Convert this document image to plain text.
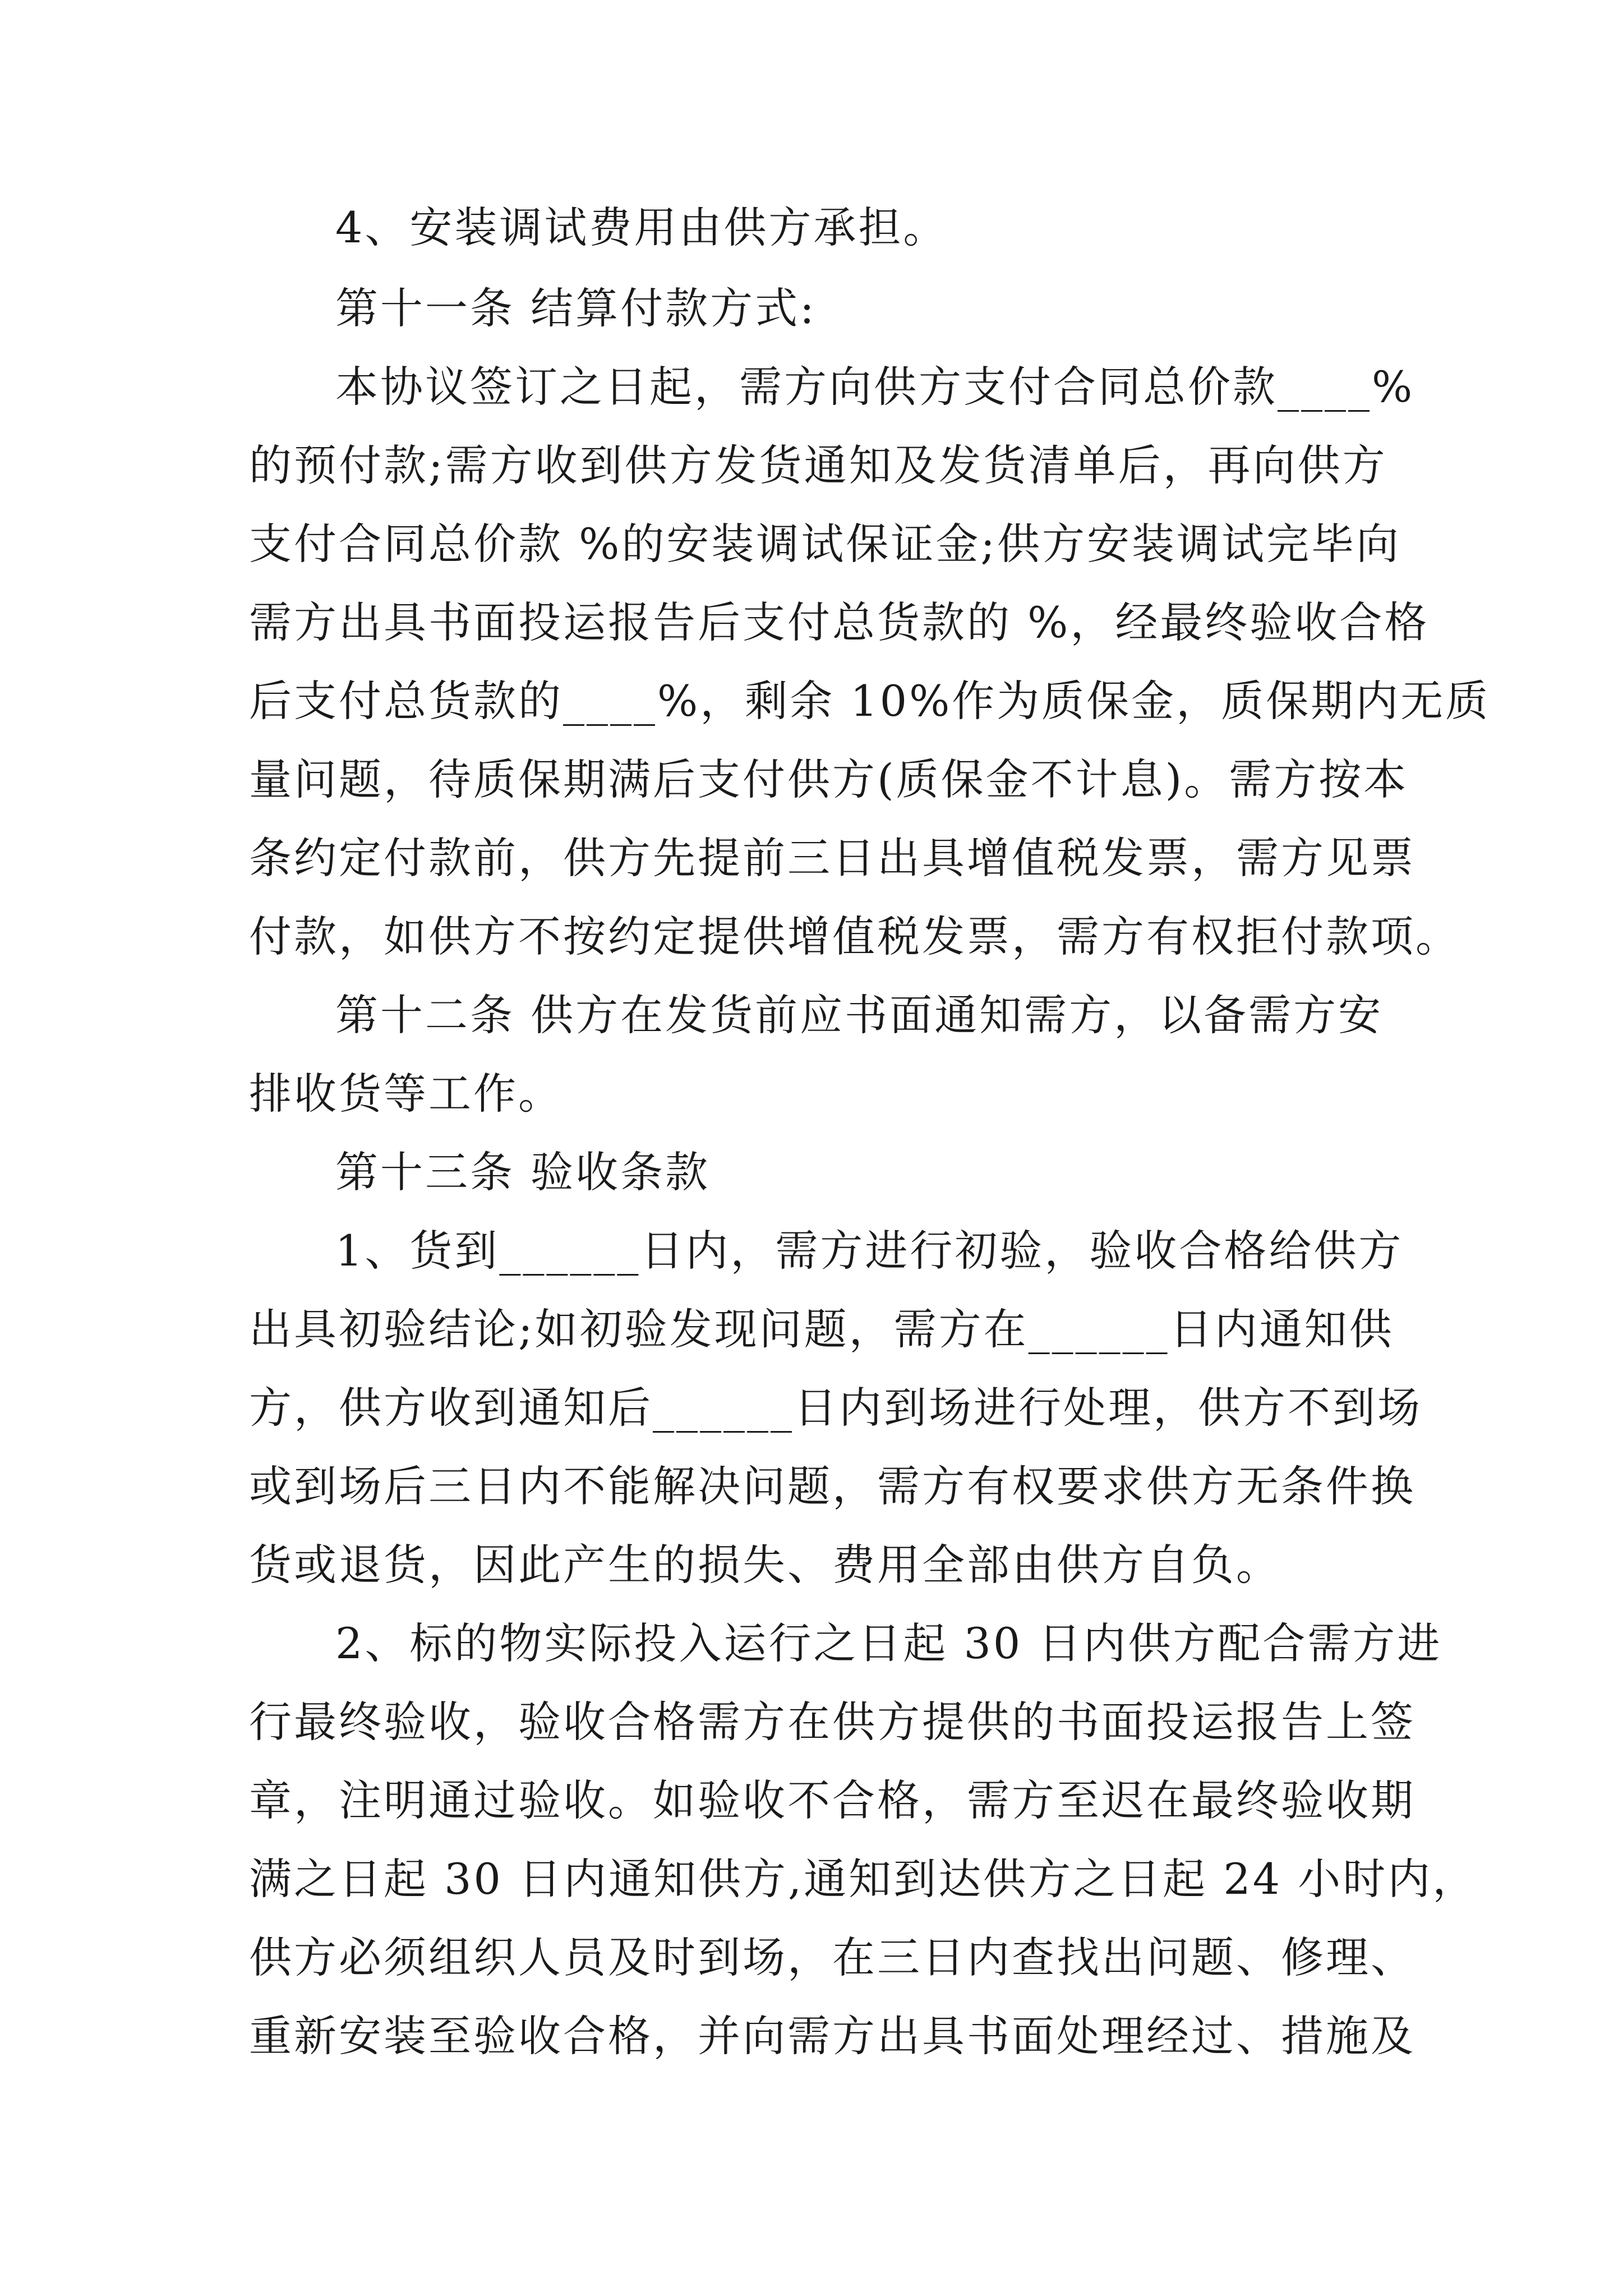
4、安装调试费用由供方承担。
第十一条 结算付款方式:
本协议签订之日起，需方向供方支付合同总价款____%
的预付款;需方收到供方发货通知及发货清单后，再向供方
支付合同总价款 %的安装调试保证金;供方安装调试完毕向
需方出具书面投运报告后支付总货款的 %，经最终验收合格
后支付总货款的____%，剩余 10%作为质保金，质保期内无质
量问题，待质保期满后支付供方(质保金不计息)。需方按本
条约定付款前，供方先提前三日出具增值税发票，需方见票
付款，如供方不按约定提供增值税发票，需方有权拒付款项。
第十二条 供方在发货前应书面通知需方，以备需方安
排收货等工作。
第十三条 验收条款
1、货到______日内，需方进行初验，验收合格给供方
出具初验结论;如初验发现问题，需方在______日内通知供
方，供方收到通知后______日内到场进行处理，供方不到场
或到场后三日内不能解决问题，需方有权要求供方无条件换
货或退货，因此产生的损失、费用全部由供方自负。
2、标的物实际投入运行之日起 30 日内供方配合需方进
行最终验收，验收合格需方在供方提供的书面投运报告上签
章，注明通过验收。如验收不合格，需方至迟在最终验收期
满之日起 30 日内通知供方,通知到达供方之日起 24 小时内，
供方必须组织人员及时到场，在三日内查找出问题、修理、
重新安装至验收合格，并向需方出具书面处理经过、措施及
